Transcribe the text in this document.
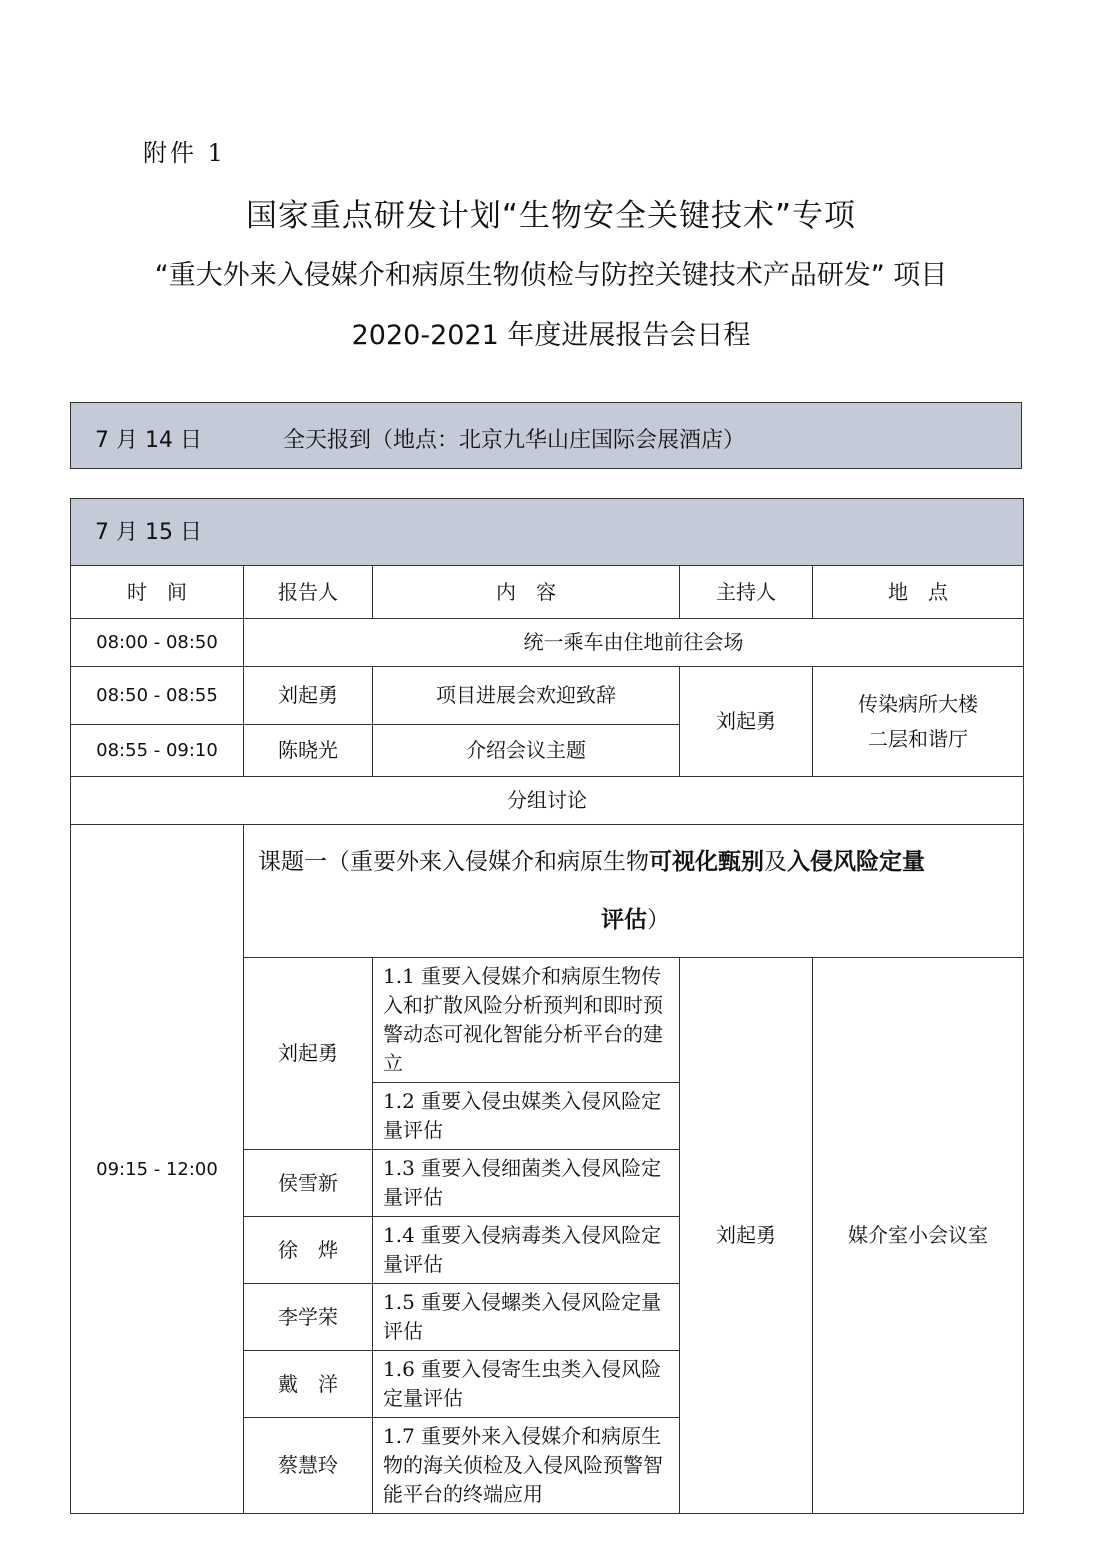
附件 1
国家重点研发计划“生物安全关键技术”专项
“重大外来入侵媒介和病原生物侦检与防控关键技术产品研发” 项目
2020-2021 年度进展报告会日程
7 月 14 日	全天报到（地点：北京九华山庄国际会展酒店）
7 月 15 日				
时　间	报告人	内　容	主持人	地　点
08:00 - 08:50	统一乘车由住地前往会场			
08:50 - 08:55	刘起勇	项目进展会欢迎致辞	刘起勇	传染病所大楼
二层和谐厅

08:55 - 09:10	陈晓光	介绍会议主题		
分组讨论				
09:15 - 12:00	课题一（重要外来入侵媒介和病原生物可视化甄别及入侵风险定量
评估）			

	刘起勇	1.1 重要入侵媒介和病原生物传入和扩散风险分析预判和即时预警动态可视化智能分析平台的建立	刘起勇	媒介室小会议室
		1.2 重要入侵虫媒类入侵风险定量评估		
	侯雪新	1.3 重要入侵细菌类入侵风险定量评估		
	徐　烨	1.4 重要入侵病毒类入侵风险定量评估		
	李学荣	1.5 重要入侵螺类入侵风险定量评估		
	戴　洋	1.6 重要入侵寄生虫类入侵风险定量评估		
	蔡慧玲	1.7 重要外来入侵媒介和病原生物的海关侦检及入侵风险预警智能平台的终端应用		
